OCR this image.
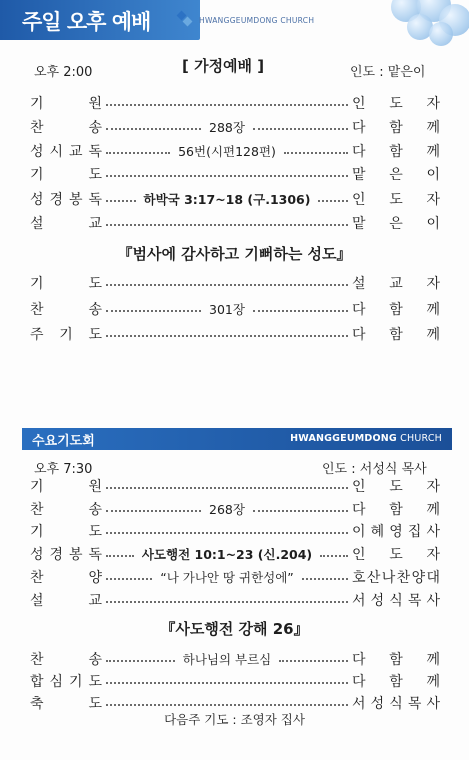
주일 오후 예배	HWANGGEUMDONG CHURCH
오후 2:00	[ 가정예배 ]	인도 : 맡은이
기	원	인 도 자
찬	송	288장	다 함 께
성 시 교 독	56번(시편128편)	다 함 께
기	도	맡 은 이
성 경 봉 독	하박국 3:17~18 (구.1306)	인 도 자
설	교	맡 은 이
『범사에 감사하고 기뻐하는 성도』
기	도	설 교 자
찬	송	301장	다 함 께
주 기 도	다 함 께
수요기도회	HWANGGEUMDONG CHURCH
오후 7:30	인도 : 서성식 목사
기	원	인 도 자
찬	송	268장	다 함 께
기	도	이 혜 영 집 사
성 경 봉 독	사도행전 10:1~23 (신.204)	인 도 자
찬	양	“나 가나안 땅 귀한성에”	호 산 나 찬 양 대
설	교	서 성 식 목 사
『사도행전 강해 26』
찬	송	하나님의 부르심	다 함 께
합 심 기 도	다 함 께
축	도	서 성 식 목 사
다음주 기도 : 조영자 집사
